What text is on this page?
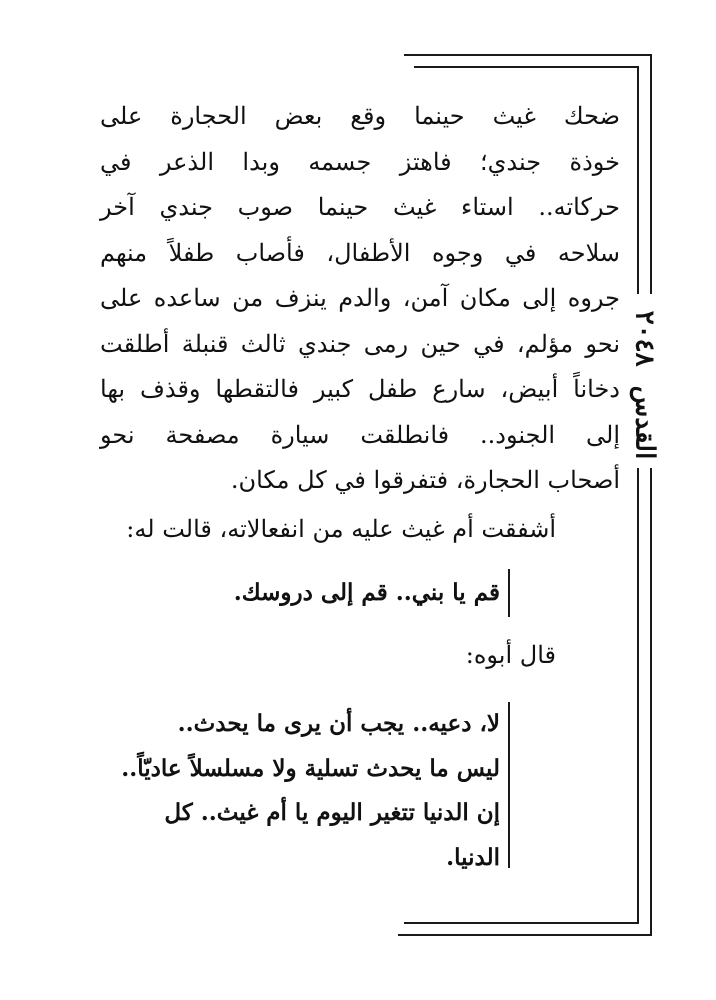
القدس ٢٠٤٨

ضحك غيث حينما وقع بعض الحجارة على

خوذة جندي؛ فاهتز جسمه وبدا الذعر في

حركاته.. استاء غيث حينما صوب جندي آخر

سلاحه في وجوه الأطفال، فأصاب طفلاً منهم

جروه إلى مكان آمن، والدم ينزف من ساعده على

نحو مؤلم، في حين رمى جندي ثالث قنبلة أطلقت

دخاناً أبيض، سارع طفل كبير فالتقطها وقذف بها

إلى الجنود.. فانطلقت سيارة مصفحة نحو

أصحاب الحجارة، فتفرقوا في كل مكان.

أشفقت أم غيث عليه من انفعالاته، قالت له:

قم يا بني.. قم إلى دروسك.

قال أبوه:

لا، دعيه.. يجب أن يرى ما يحدث..

ليس ما يحدث تسلية ولا مسلسلاً عاديّاً..

إن الدنيا تتغير اليوم يا أم غيث.. كل

الدنيا.
